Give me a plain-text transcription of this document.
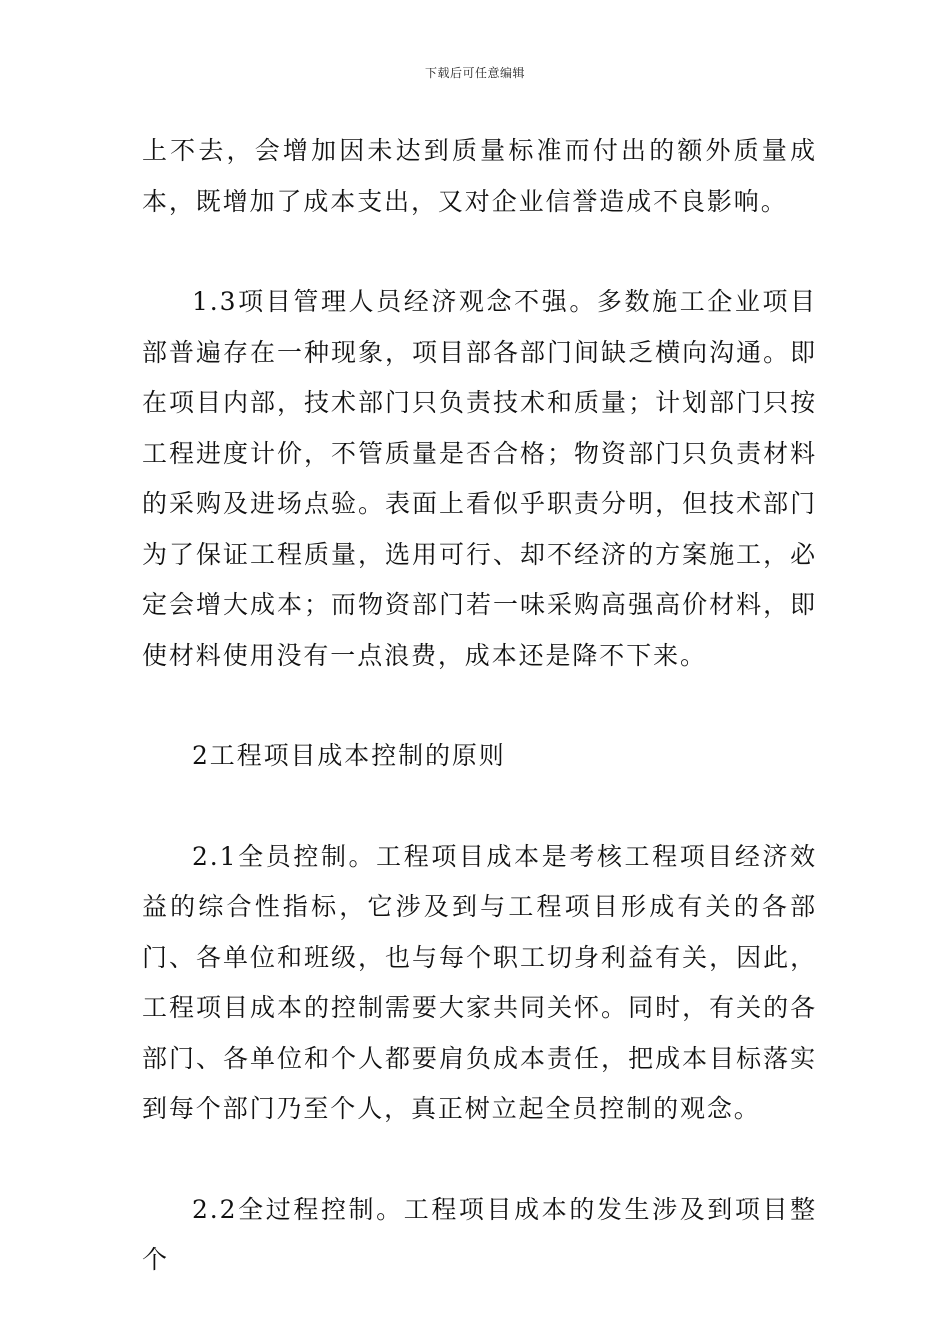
下载后可任意编辑

上不去，会增加因未达到质量标准而付出的额外质量成本，既增加了成本支出，又对企业信誉造成不良影响。

1.3项目管理人员经济观念不强。多数施工企业项目部普遍存在一种现象，项目部各部门间缺乏横向沟通。即在项目内部，技术部门只负责技术和质量；计划部门只按工程进度计价，不管质量是否合格；物资部门只负责材料的采购及进场点验。表面上看似乎职责分明，但技术部门为了保证工程质量，选用可行、却不经济的方案施工，必定会增大成本；而物资部门若一味采购高强高价材料，即使材料使用没有一点浪费，成本还是降不下来。

2工程项目成本控制的原则

2.1全员控制。工程项目成本是考核工程项目经济效益的综合性指标，它涉及到与工程项目形成有关的各部门、各单位和班级，也与每个职工切身利益有关，因此，工程项目成本的控制需要大家共同关怀。同时，有关的各部门、各单位和个人都要肩负成本责任，把成本目标落实到每个部门乃至个人，真正树立起全员控制的观念。

2.2全过程控制。工程项目成本的发生涉及到项目整个
